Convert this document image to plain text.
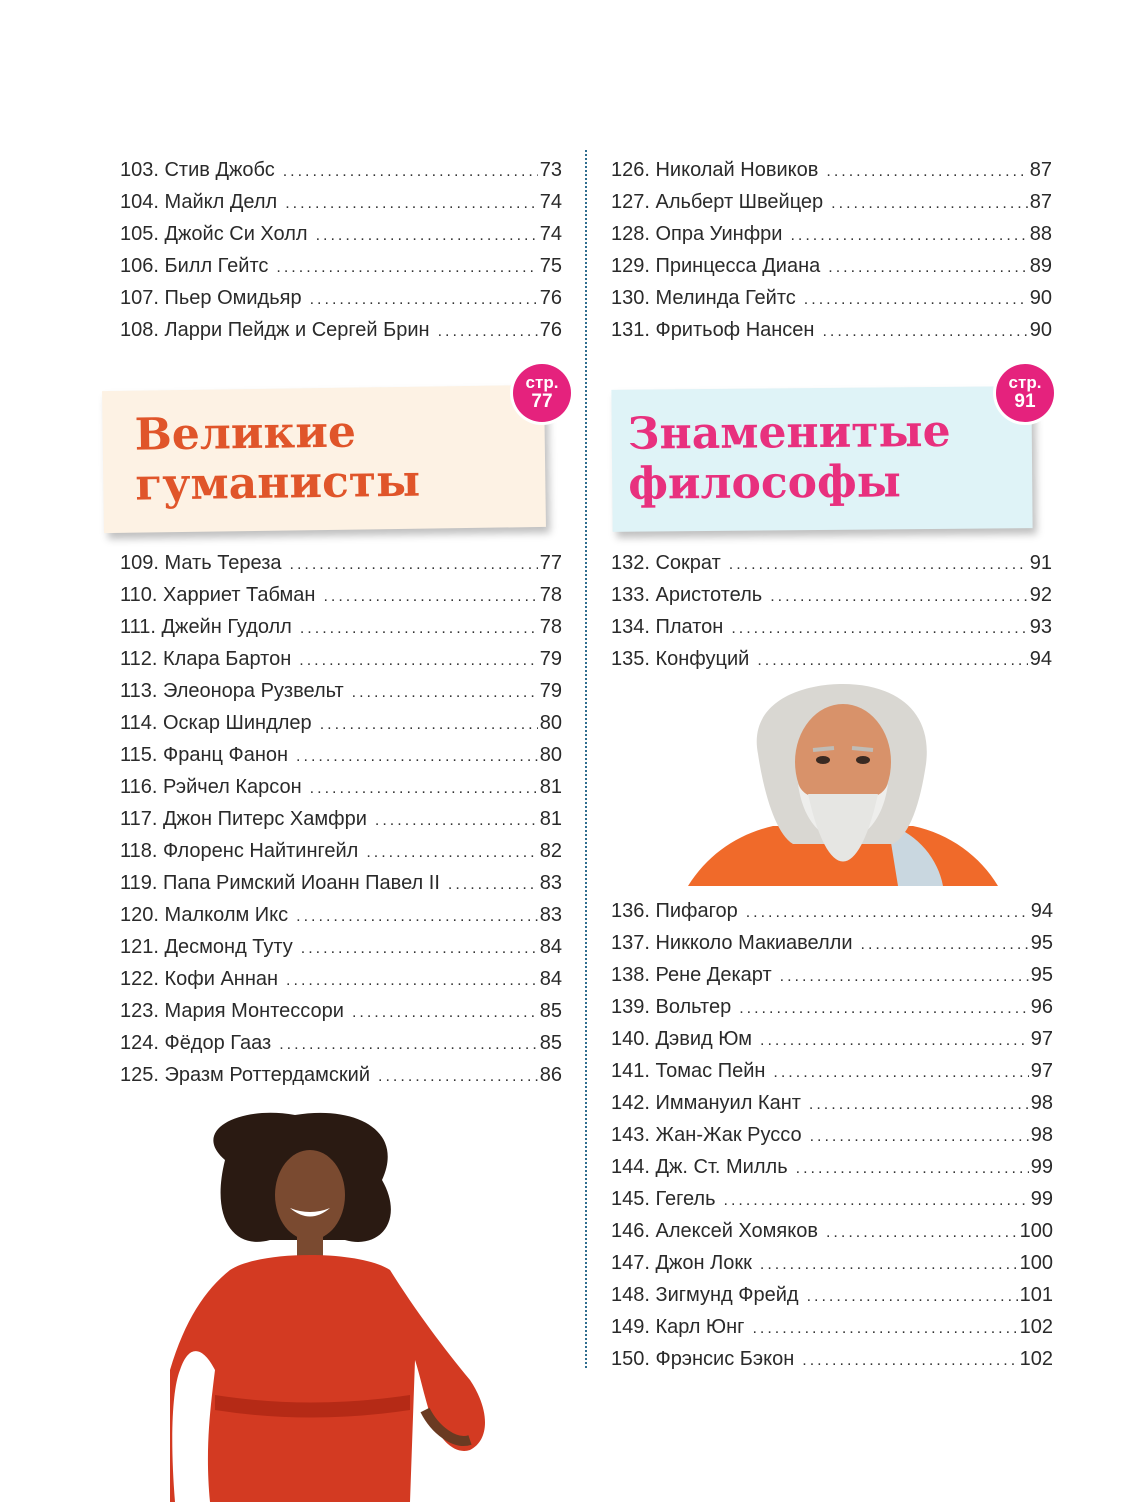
103. Стив Джобс .....	73
104. Майкл Делл .....	74
105. Джойс Си Холл .....	74
106. Билл Гейтс .....	75
107. Пьер Омидьяр .....	76
108. Ларри Пейдж и Сергей Брин .....	76
126. Николай Новиков .....	87
127. Альберт Швейцер .....	87
128. Опра Уинфри .....	88
129. Принцесса Диана .....	89
130. Мелинда Гейтс .....	90
131. Фритьоф Нансен .....	90
Великие
гуманисты
стр.
77
Знаменитые
философы
стр.
91
109. Мать Тереза .....	77
110. Харриет Табман .....	78
111. Джейн Гудолл .....	78
112. Клара Бартон .....	79
113. Элеонора Рузвельт .....	79
114. Оскар Шиндлер .....	80
115. Франц Фанон .....	80
116. Рэйчел Карсон .....	81
117. Джон Питерс Хамфри .....	81
118. Флоренс Найтингейл .....	82
119. Папа Римский Иоанн Павел II .....	83
120. Малколм Икс .....	83
121. Десмонд Туту .....	84
122. Кофи Аннан .....	84
123. Мария Монтессори .....	85
124. Фёдор Гааз .....	85
125. Эразм Роттердамский .....	86
132. Сократ .....	91
133. Аристотель .....	92
134. Платон .....	93
135. Конфуций .....	94
136. Пифагор .....	94
137. Никколо Макиавелли .....	95
138. Рене Декарт .....	95
139. Вольтер .....	96
140. Дэвид Юм .....	97
141. Томас Пейн .....	97
142. Иммануил Кант .....	98
143. Жан-Жак Руссо .....	98
144. Дж. Ст. Милль .....	99
145. Гегель .....	99
146. Алексей Хомяков .....	100
147. Джон Локк .....	100
148. Зигмунд Фрейд .....	101
149. Карл Юнг .....	102
150. Фрэнсис Бэкон .....	102
